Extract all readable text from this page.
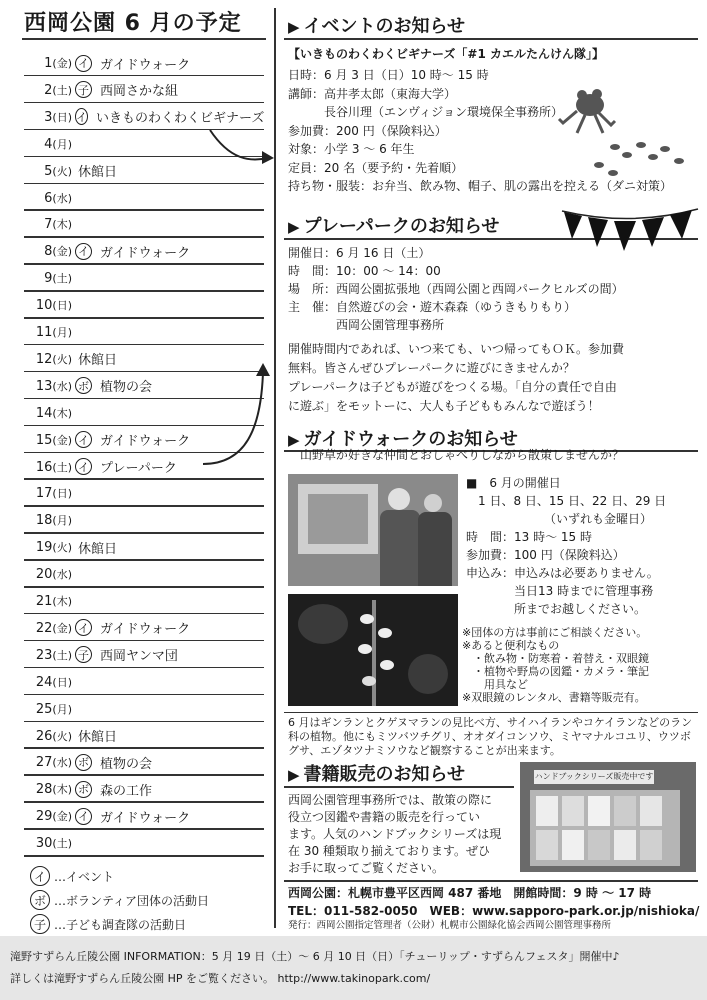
西岡公園 6 月の予定
1(金) イ ガイドウォーク
2(土) 子 西岡さかな組
3(日) イ いきものわくわくビギナーズ
4(月)
5(火) 休館日
6(水)
7(木)
8(金) イ ガイドウォーク
9(土)
10(日)
11(月)
12(火) 休館日
13(水) ボ 植物の会
14(木)
15(金) イ ガイドウォーク
16(土) イ プレーパーク
17(日)
18(月)
19(火) 休館日
20(水)
21(木)
22(金) イ ガイドウォーク
23(土) 子 西岡ヤンマ団
24(日)
25(月)
26(火) 休館日
27(水) ボ 植物の会
28(木) ボ 森の工作
29(金) イ ガイドウォーク
30(土)
イ …イベント
ボ …ボランティア団体の活動日
子 …子ども調査隊の活動日
▶ イベントのお知らせ
【いきものわくわくビギナーズ「#1 カエルたんけん隊」】
日時：6 月 3 日（日）10 時～ 15 時
講師：高井孝太郎（東海大学）
　　　長谷川理（エンヴィジョン環境保全事務所）
参加費：200 円（保険料込）
対象：小学 3 ～ 6 年生
定員：20 名（要予約・先着順）
持ち物・服装：お弁当、飲み物、帽子、肌の露出を控える（ダニ対策）
▶ プレーパークのお知らせ
開催日：6 月 16 日（土）
時　間：10：00 ～ 14：00
場　所：西岡公園拡張地（西岡公園と西岡パークヒルズの間）
主　催：自然遊びの会・遊木森森（ゆうきもりもり）
　　　　西岡公園管理事務所
開催時間内であれば、いつ来ても、いつ帰ってもＯＫ。参加費
無料。皆さんぜひプレーパークに遊びにきませんか？
プレーパークは子どもが遊びをつくる場。「自分の責任で自由
に遊ぶ」をモットーに、大人も子どももみんなで遊ぼう！
▶ ガイドウォークのお知らせ
山野草が好きな仲間とおしゃべりしながら散策しませんか？
■　6 月の開催日
　1 日、8 日、15 日、22 日、29 日
　　　　　　　（いずれも金曜日）
時　間：13 時～ 15 時
参加費：100 円（保険料込）
申込み：申込みは必要ありません。
　　　　当日13 時までに管理事務
　　　　所までお越しください。
※団体の方は事前にご相談ください。
※あると便利なもの
　・飲み物・防寒着・着替え・双眼鏡
　・植物や野鳥の図鑑・カメラ・筆記
　　用具など
※双眼鏡のレンタル、書籍等販売有。
6 月はギンランとクゲヌマランの見比べ方、サイハイランやコケイランなどのラン
科の植物。他にもミツバツチグリ、オオダイコンソウ、ミヤマナルコユリ、ウツボ
グサ、エゾタツナミソウなど観察することが出来ます。
▶ 書籍販売のお知らせ
西岡公園管理事務所では、散策の際に
役立つ図鑑や書籍の販売を行ってい
ます。人気のハンドブックシリーズは現
在 30 種類取り揃えております。ぜひ
お手に取ってご覧ください。
ハンドブックシリーズ販売中です
西岡公園：札幌市豊平区西岡 487 番地　開館時間：9 時 ～ 17 時
TEL：011-582-0050　WEB：www.sapporo-park.or.jp/nishioka/
発行：西岡公園指定管理者（公財）札幌市公園緑化協会西岡公園管理事務所
滝野すずらん丘陵公園 INFORMATION：5 月 19 日（土）～ 6 月 10 日（日）「チューリップ・すずらんフェスタ」開催中♪
詳しくは滝野すずらん丘陵公園 HP をご覧ください。 http://www.takinopark.com/
